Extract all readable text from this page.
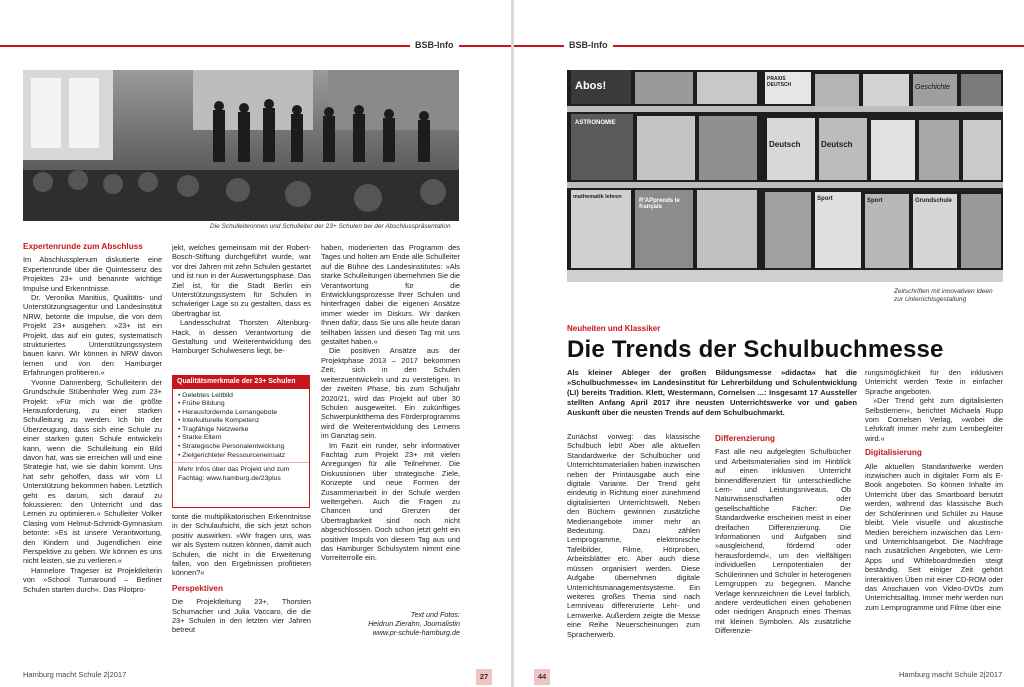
BSB-Info
Die Schulleiterinnen und Schulleiter der 23+ Schulen bei der Abschlusspräsentation
Expertenrunde zum Abschluss

Im Abschlussplenum diskutierte eine Expertenrunde über die Quintessenz des Projektes 23+ und benannte wichtige Impulse und Erkenntnisse.

Dr. Veronika Manitius, Qualitäts- und Unterstützungsagentur und Landesinstitut NRW, betonte die Impulse, die von dem Projekt 23+ ausgehen: »23+ ist ein Projekt, das auf ein gutes, systematisch strukturiertes Unterstützungssystem bauen kann. Wir können in NRW davon lernen und von den Hamburger Erfahrungen profitieren.«

Yvonne Dannenberg, Schulleiterin der Grundschule Stübenhofer Weg zum 23+ Projekt: »Für mich war die größte Herausforderung, zu einer starken Schulleitung zu werden. Ich bin der Überzeugung, dass sich eine Schule zu einer starken guten Schule entwickeln kann, wenn die Schulleitung ein Bild davon hat, was sie erreichen will und eine Strategie hat, wie sie dahin kommt. Uns hat sehr geholfen, dass wir vom LI Unterstützung bekommen haben. Letztlich geht es darum, sich darauf zu fokussieren: den Unterricht und das Lernen zu optimieren.« Schulleiter Volker Clasing vom Helmut-Schmidt-Gymnasium betonte: »Es ist unsere Verantwortung, den Kindern und Jugendlichen eine Perspektive zu geben. Wir können es uns nicht leisten, sie zu verlieren.«

Hannelore Trageser ist Projektleiterin von »School Turnaround – Berliner Schulen starten durch«. Das Pilotpro-

jekt, welches gemeinsam mit der Robert-Bosch-Stiftung durchgeführt wurde, war vor drei Jahren mit zehn Schulen gestartet und ist nun in der Auswertungsphase. Das Ziel ist, für die Stadt Berlin ein Unterstützungssystem für Schulen in schwieriger Lage so zu gestalten, dass es übertragbar ist.

Landesschulrat Thorsten Altenburg-Hack, in dessen Verantwortung die Gestaltung und Weiterentwicklung des Hamburger Schulwesens liegt, be-

Qualitätsmerkmale der 23+ Schulen
• Gelebtes Leitbild
• Frühe Bildung
• Herausfordernde Lernangebote
• Interkulturelle Kompetenz
• Tragfähige Netzwerke
• Starke Eltern
• Strategische Personalentwicklung
• Zielgerichteter Ressourceneinsatz
Mehr Infos über das Projekt und zum Fachtag: www.hamburg.de/23plus

tonte die multiplikatorischen Erkenntnisse in der Schulaufsicht, die sich jetzt schon positiv auswirken. »Wir fragen uns, was wir als System nutzen können, damit auch Schulen, die nicht in die Erweiterung fallen, von den Ergebnissen profitieren können?«

Perspektiven

Die Projektleitung 23+, Thorsten Schumacher und Julia Vaccaro, die die 23+ Schulen in den letzten vier Jahren betreut

haben, moderierten das Programm des Tages und holten am Ende alle Schulleiter auf die Bühne des Landesinstitutes: »Als starke Schulleitungen übernehmen Sie die Verantwortung für die Entwicklungsprozesse Ihrer Schulen und hinterfragen dabei die eigenen Ansätze immer wieder im Diskurs. Wir danken Ihnen dafür, dass Sie uns alle heute daran teilhaben lassen und diesen Tag mit uns gestaltet haben.«

Die positiven Ansätze aus der Projektphase 2013 – 2017 bekommen Zeit, sich in den Schulen weiterzuentwickeln und zu verstetigen. In der zweiten Phase, bis zum Schuljahr 2020/21, wird das Projekt auf über 30 Schulen ausgeweitet. Ein zukünftiges Schwerpunktthema des Förderprogramms wird die Weiterentwicklung des Lernens im Ganztag sein.

Im Fazit ein runder, sehr informativer Fachtag zum Projekt 23+ mit vielen Anregungen für alle Teilnehmer. Die Diskussionen über strategische Ziele, Konzepte und neue Formen der Zusammenarbeit in der Schule werden weitergehen. Auch die Fragen zu Chancen und Grenzen der Übertragbarkeit sind noch nicht abgeschlossen. Doch schon jetzt geht ein positiver Impuls von diesem Tag aus und das Hamburger Schulsystem nimmt eine Vorreiterrolle ein.

Text und Fotos:
Heidrun Zierahn, Journalistin
www.pr-schule-hamburg.de
Hamburg macht Schule 2|2017	27
BSB-Info
Abos!
PRAXIS DEUTSCH	Geschichte
ASTRONOMIE
Deutsch	Deutsch
mathematik lehren
R'APprends le français
Sport	Sport	Grundschule
Zeitschriften mit innovativen Ideen
zur Unterrichtsgestaltung
Neuheiten und Klassiker
Die Trends der Schulbuchmesse
Als kleiner Ableger der großen Bildungsmesse »didacta« hat die »Schulbuchmesse« im Landesinstitut für Lehrerbildung und Schulentwicklung (LI) bereits Tradition. Klett, Westermann, Cornelsen ...: Insgesamt 17 Aussteller stellten Anfang April 2017 ihre neusten Unterrichtswerke vor und gaben Auskunft über die neusten Trends auf dem Schulbuchmarkt.

Zunächst vorweg: das klassische Schulbuch lebt! Aber alle aktuellen Standardwerke der Schulbücher und Unterrichtsmaterialien haben inzwischen neben der Printausgabe auch eine digitale Variante. Der Trend geht eindeutig in Richtung einer zunehmend digitalisierten Unterrichtswelt. Neben den Büchern gewinnen zusätzliche Medienangebote immer mehr an Bedeutung. Dazu zählen Lernprogramme, elektronische Tafelbilder, Filme, Hörproben, Arbeitsblätter etc. Aber auch diese müssen organisiert werden. Diese Aufgabe übernehmen digitale Unterrichtsmanagementsysteme. Ein weiteres großes Thema sind nach Lernniveau differenzierte Lehr- und Lernwerke. Außerdem zeigte die Messe eine Reihe Neuerscheinungen zum Spracherwerb.

Differenzierung

Fast alle neu aufgelegten Schulbücher und Arbeitsmaterialien sind im Hinblick auf einen inklusiven Unterricht binnendifferenziert für unterschiedliche Lern- und Leistungsniveaus. Ob Naturwissenschaften oder gesellschaftliche Fächer: Die Standardwerke erscheinen meist in einer dreifachen Differenzierung. Die Informationen und Aufgaben sind »ausgleichend, fördernd oder herausfordernd«, um den vielfältigen individuellen Lernpotentialen der Schülerinnen und Schüler in heterogenen Lerngruppen zu begegnen. Manche Verlage kennzeichnen die Level farblich, andere verdeutlichen einen gehobenen oder niedrigen Anspruch eines Themas mit kleinen Symbolen. Als zusätzliche Differenzie-

rungsmöglichkeit für den inklusiven Unterricht werden Texte in einfacher Sprache angeboten.

»Der Trend geht zum digitalisierten Selbstlernen«, berichtet Michaela Rupp vom Cornelsen Verlag, »wobei die Lehrkraft immer mehr zum Lernbegleiter wird.«

Digitalisierung

Alle aktuellen Standardwerke werden inzwischen auch in digitaler Form als E-Book angeboten. So können Inhalte im Unterricht über das Smartboard benutzt werden, während das klassische Buch der Schülerinnen und Schüler zu Hause bleibt. Viele visuelle und akustische Medien bereichern inzwischen das Lern- und Unterrichtsangebot. Die Nachfrage nach zusätzlichen Angeboten, wie Lern-Apps und Whiteboardmedien steigt beständig. Seit einiger Zeit gehört interaktiven Üben mit einer CD-ROM oder das Anschauen von Video-DVDs zum Unterrichtsalltag. Immer mehr werden nun zum Lernprogramme und Filme über eine

44	Hamburg macht Schule 2|2017
